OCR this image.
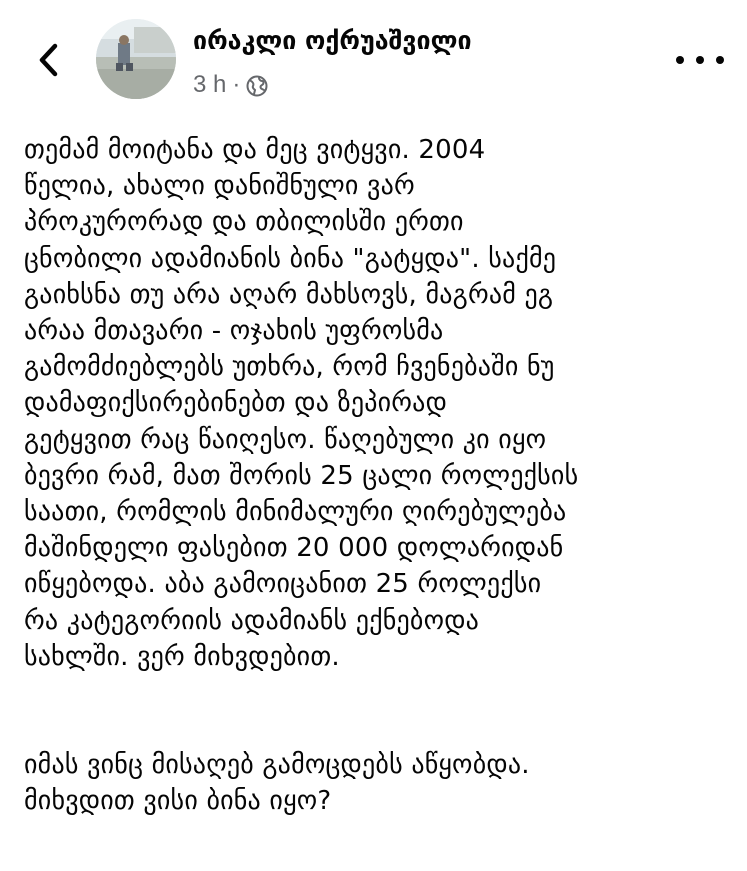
ირაკლი ოქრუაშვილი
3 h ·
თემამ მოიტანა და მეც ვიტყვი. 2004
წელია, ახალი დანიშნული ვარ
პროკურორად და თბილისში ერთი
ცნობილი ადამიანის ბინა "გატყდა". საქმე
გაიხსნა თუ არა აღარ მახსოვს, მაგრამ ეგ
არაა მთავარი - ოჯახის უფროსმა
გამომძიებლებს უთხრა, რომ ჩვენებაში ნუ
დამაფიქსირებინებთ და ზეპირად
გეტყვით რაც წაიღესო. წაღებული კი იყო
ბევრი რამ, მათ შორის 25 ცალი როლექსის
საათი, რომლის მინიმალური ღირებულება
მაშინდელი ფასებით 20 000 დოლარიდან
იწყებოდა. აბა გამოიცანით 25 როლექსი
რა კატეგორიის ადამიანს ექნებოდა
სახლში. ვერ მიხვდებით.
იმას ვინც მისაღებ გამოცდებს აწყობდა.
მიხვდით ვისი ბინა იყო?
